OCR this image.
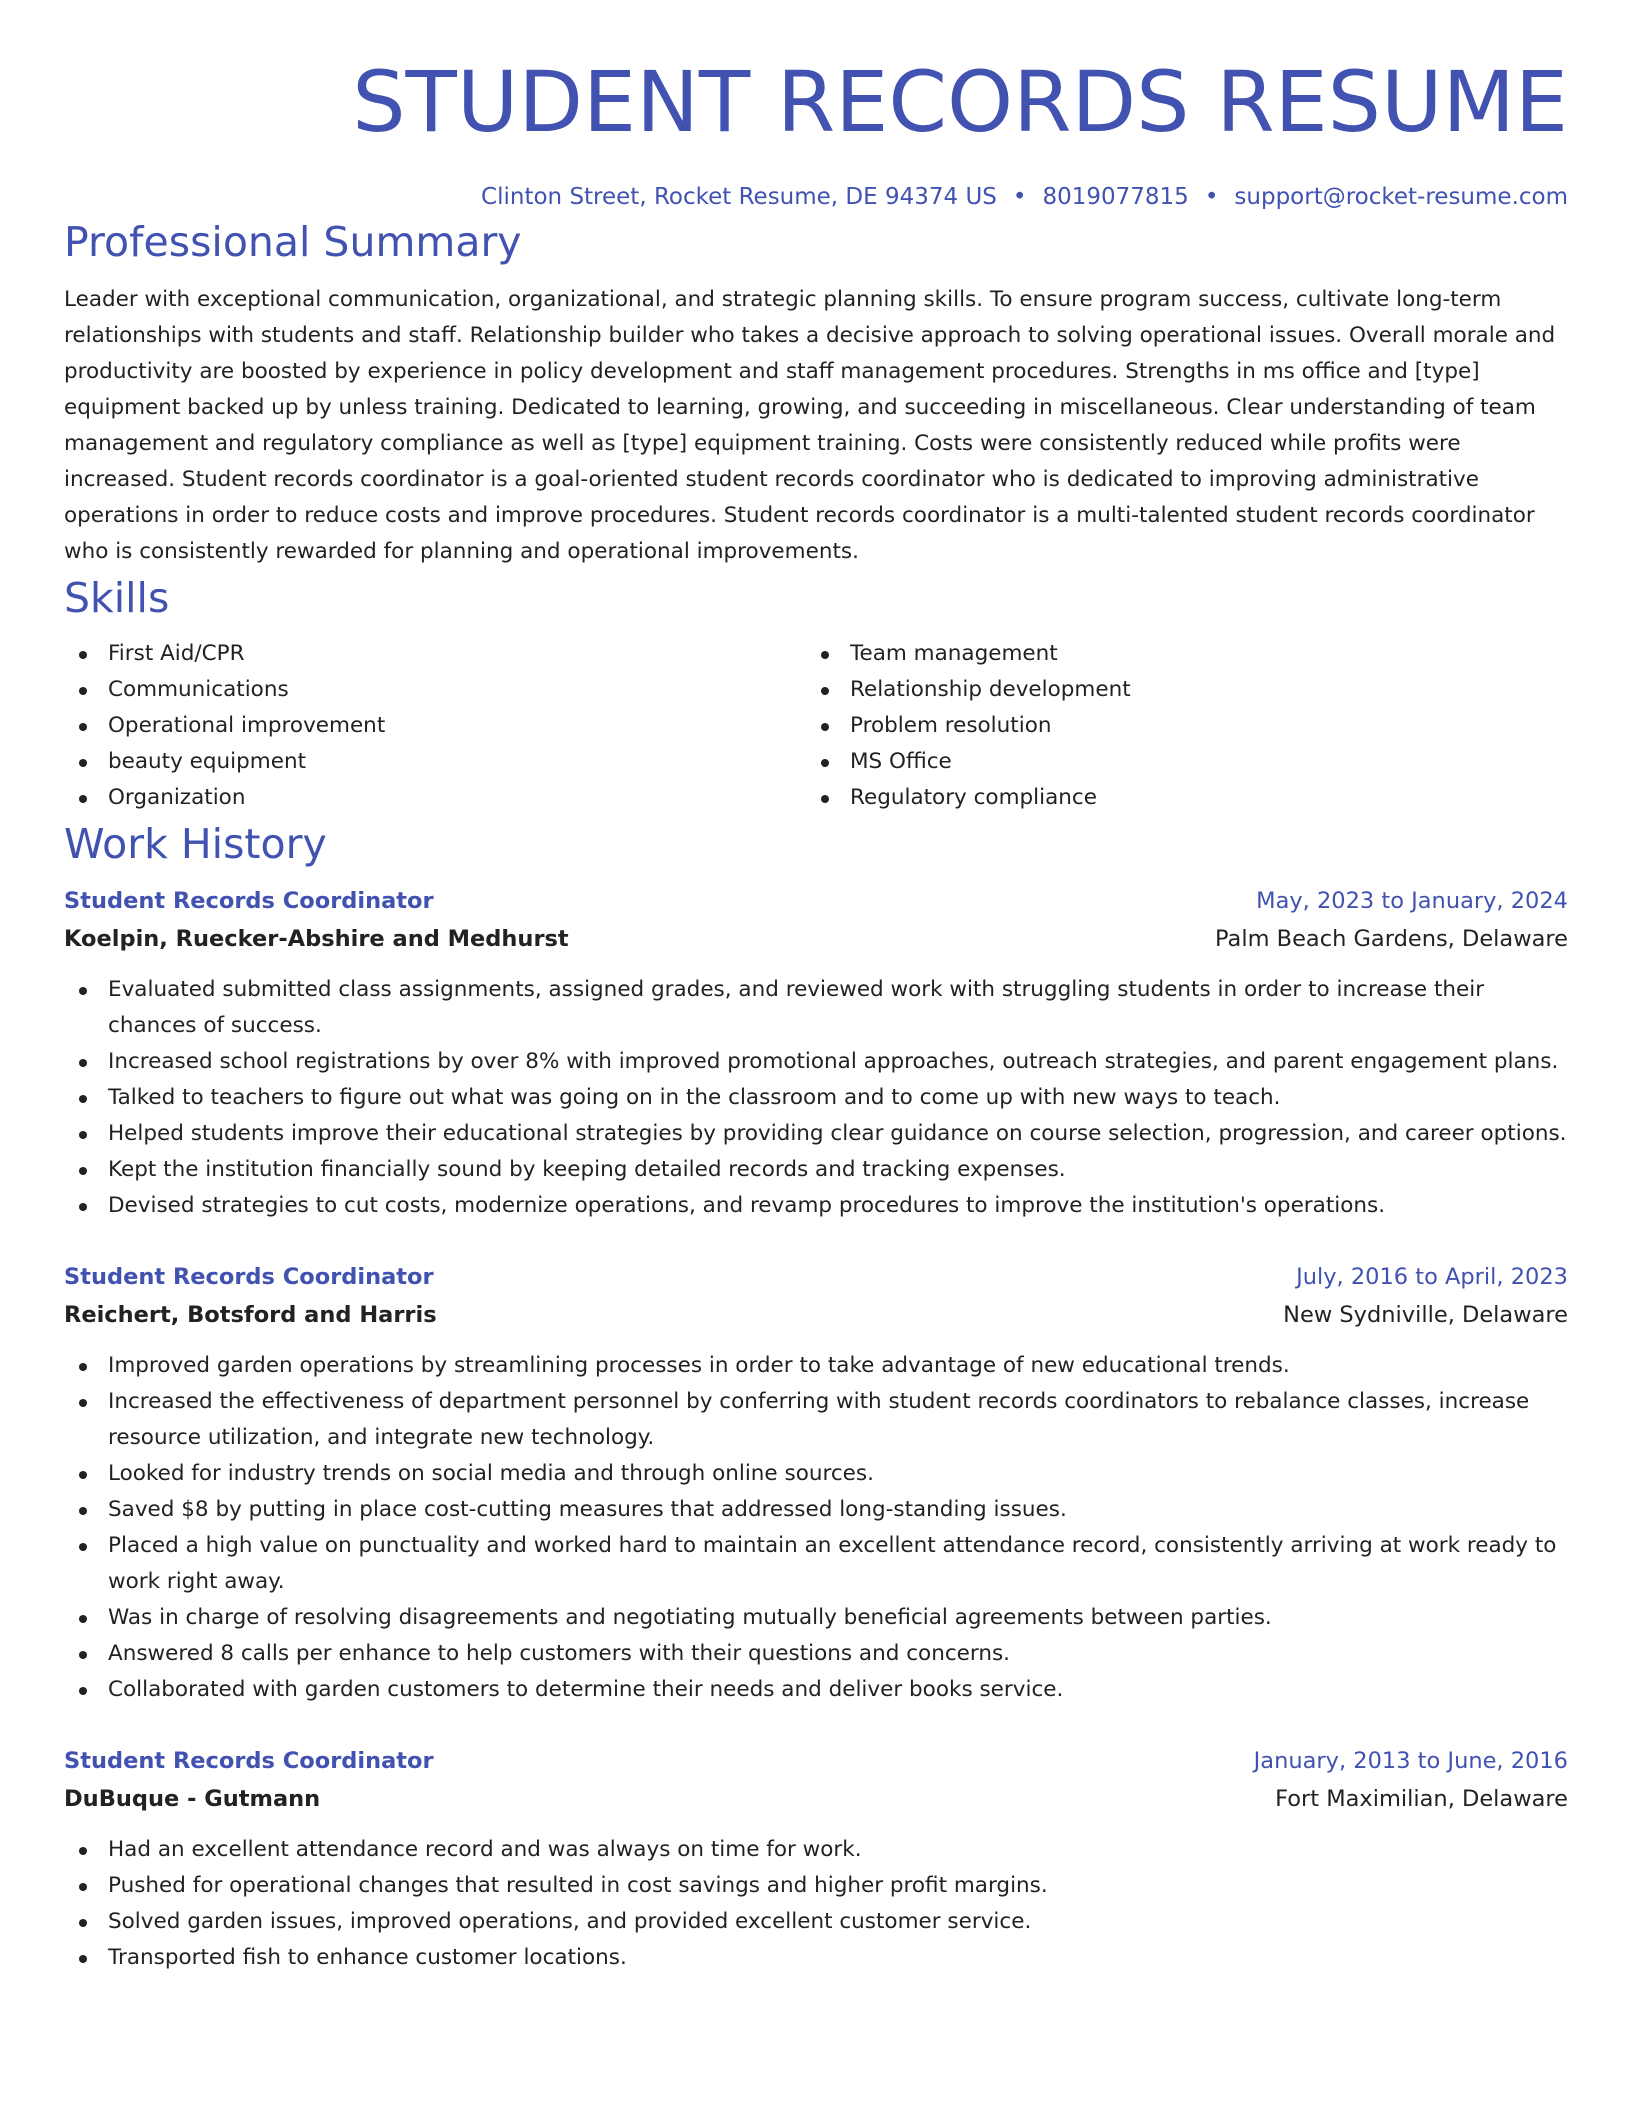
STUDENT RECORDS RESUME
Clinton Street, Rocket Resume, DE 94374 US • 8019077815 • support@rocket-resume.com
Professional Summary

Leader with exceptional communication, organizational, and strategic planning skills. To ensure program success, cultivate long-term relationships with students and staff. Relationship builder who takes a decisive approach to solving operational issues. Overall morale and productivity are boosted by experience in policy development and staff management procedures. Strengths in ms office and [type] equipment backed up by unless training. Dedicated to learning, growing, and succeeding in miscellaneous. Clear understanding of team management and regulatory compliance as well as [type] equipment training. Costs were consistently reduced while profits were increased. Student records coordinator is a goal-oriented student records coordinator who is dedicated to improving administrative operations in order to reduce costs and improve procedures. Student records coordinator is a multi-talented student records coordinator who is consistently rewarded for planning and operational improvements.

Skills
First Aid/CPR
Communications
Operational improvement
beauty equipment
Organization
Team management
Relationship development
Problem resolution
MS Office
Regulatory compliance
Work History
Student Records Coordinator	May, 2023 to January, 2024
Koelpin, Ruecker-Abshire and Medhurst	Palm Beach Gardens, Delaware
Evaluated submitted class assignments, assigned grades, and reviewed work with struggling students in order to increase their chances of success.
Increased school registrations by over 8% with improved promotional approaches, outreach strategies, and parent engagement plans.
Talked to teachers to figure out what was going on in the classroom and to come up with new ways to teach.
Helped students improve their educational strategies by providing clear guidance on course selection, progression, and career options.
Kept the institution financially sound by keeping detailed records and tracking expenses.
Devised strategies to cut costs, modernize operations, and revamp procedures to improve the institution's operations.
Student Records Coordinator	July, 2016 to April, 2023
Reichert, Botsford and Harris	New Sydniville, Delaware
Improved garden operations by streamlining processes in order to take advantage of new educational trends.
Increased the effectiveness of department personnel by conferring with student records coordinators to rebalance classes, increase resource utilization, and integrate new technology.
Looked for industry trends on social media and through online sources.
Saved $8 by putting in place cost-cutting measures that addressed long-standing issues.
Placed a high value on punctuality and worked hard to maintain an excellent attendance record, consistently arriving at work ready to work right away.
Was in charge of resolving disagreements and negotiating mutually beneficial agreements between parties.
Answered 8 calls per enhance to help customers with their questions and concerns.
Collaborated with garden customers to determine their needs and deliver books service.
Student Records Coordinator	January, 2013 to June, 2016
DuBuque - Gutmann	Fort Maximilian, Delaware
Had an excellent attendance record and was always on time for work.
Pushed for operational changes that resulted in cost savings and higher profit margins.
Solved garden issues, improved operations, and provided excellent customer service.
Transported fish to enhance customer locations.
